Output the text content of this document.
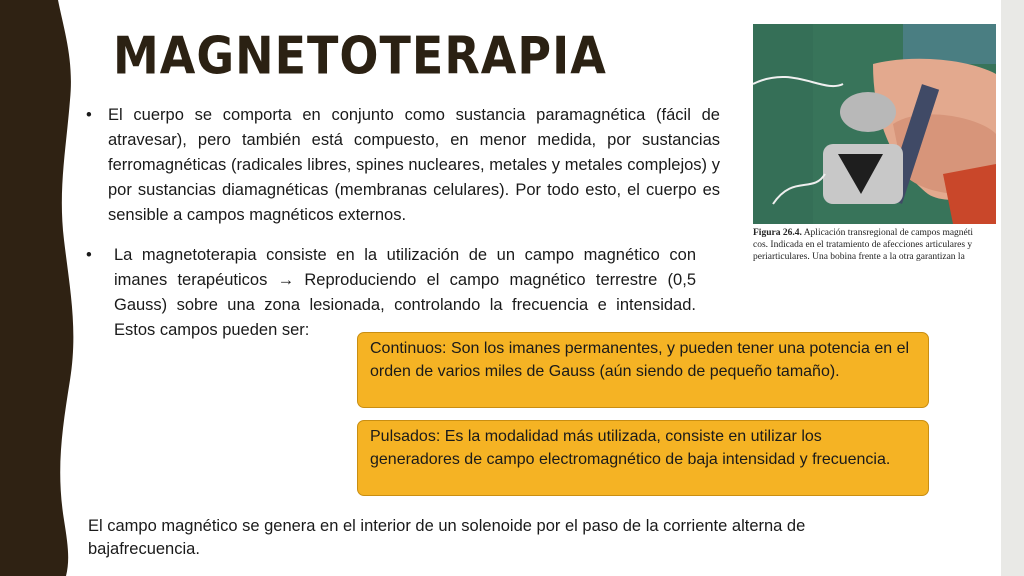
MAGNETOTERAPIA
• El cuerpo se comporta en conjunto como sustancia paramagnética (fácil de atravesar), pero también está compuesto, en menor medida, por sustancias ferromagnéticas (radicales libres, spines nucleares, metales y metales complejos) y por sustancias diamagnéticas (membranas celulares). Por todo esto, el cuerpo es sensible a campos magnéticos externos.
Figura 26.4. Aplicación transregional de campos magnéti
cos. Indicada en el tratamiento de afecciones articulares y
periarticulares. Una bobina frente a la otra garantizan la
• La magnetoterapia consiste en la utilización de un campo magnético con imanes terapéuticos → Reproduciendo el campo magnético terrestre (0,5 Gauss) sobre una zona lesionada, controlando la frecuencia e intensidad. Estos campos pueden ser:
Continuos: Son los imanes permanentes, y pueden tener una potencia en el orden de varios miles de Gauss (aún siendo de pequeño tamaño).
Pulsados: Es la modalidad más utilizada, consiste en utilizar los generadores de campo electromagnético de baja intensidad y frecuencia.
El campo magnético se genera en el interior de un solenoide por el paso de la corriente alterna de bajafrecuencia.
